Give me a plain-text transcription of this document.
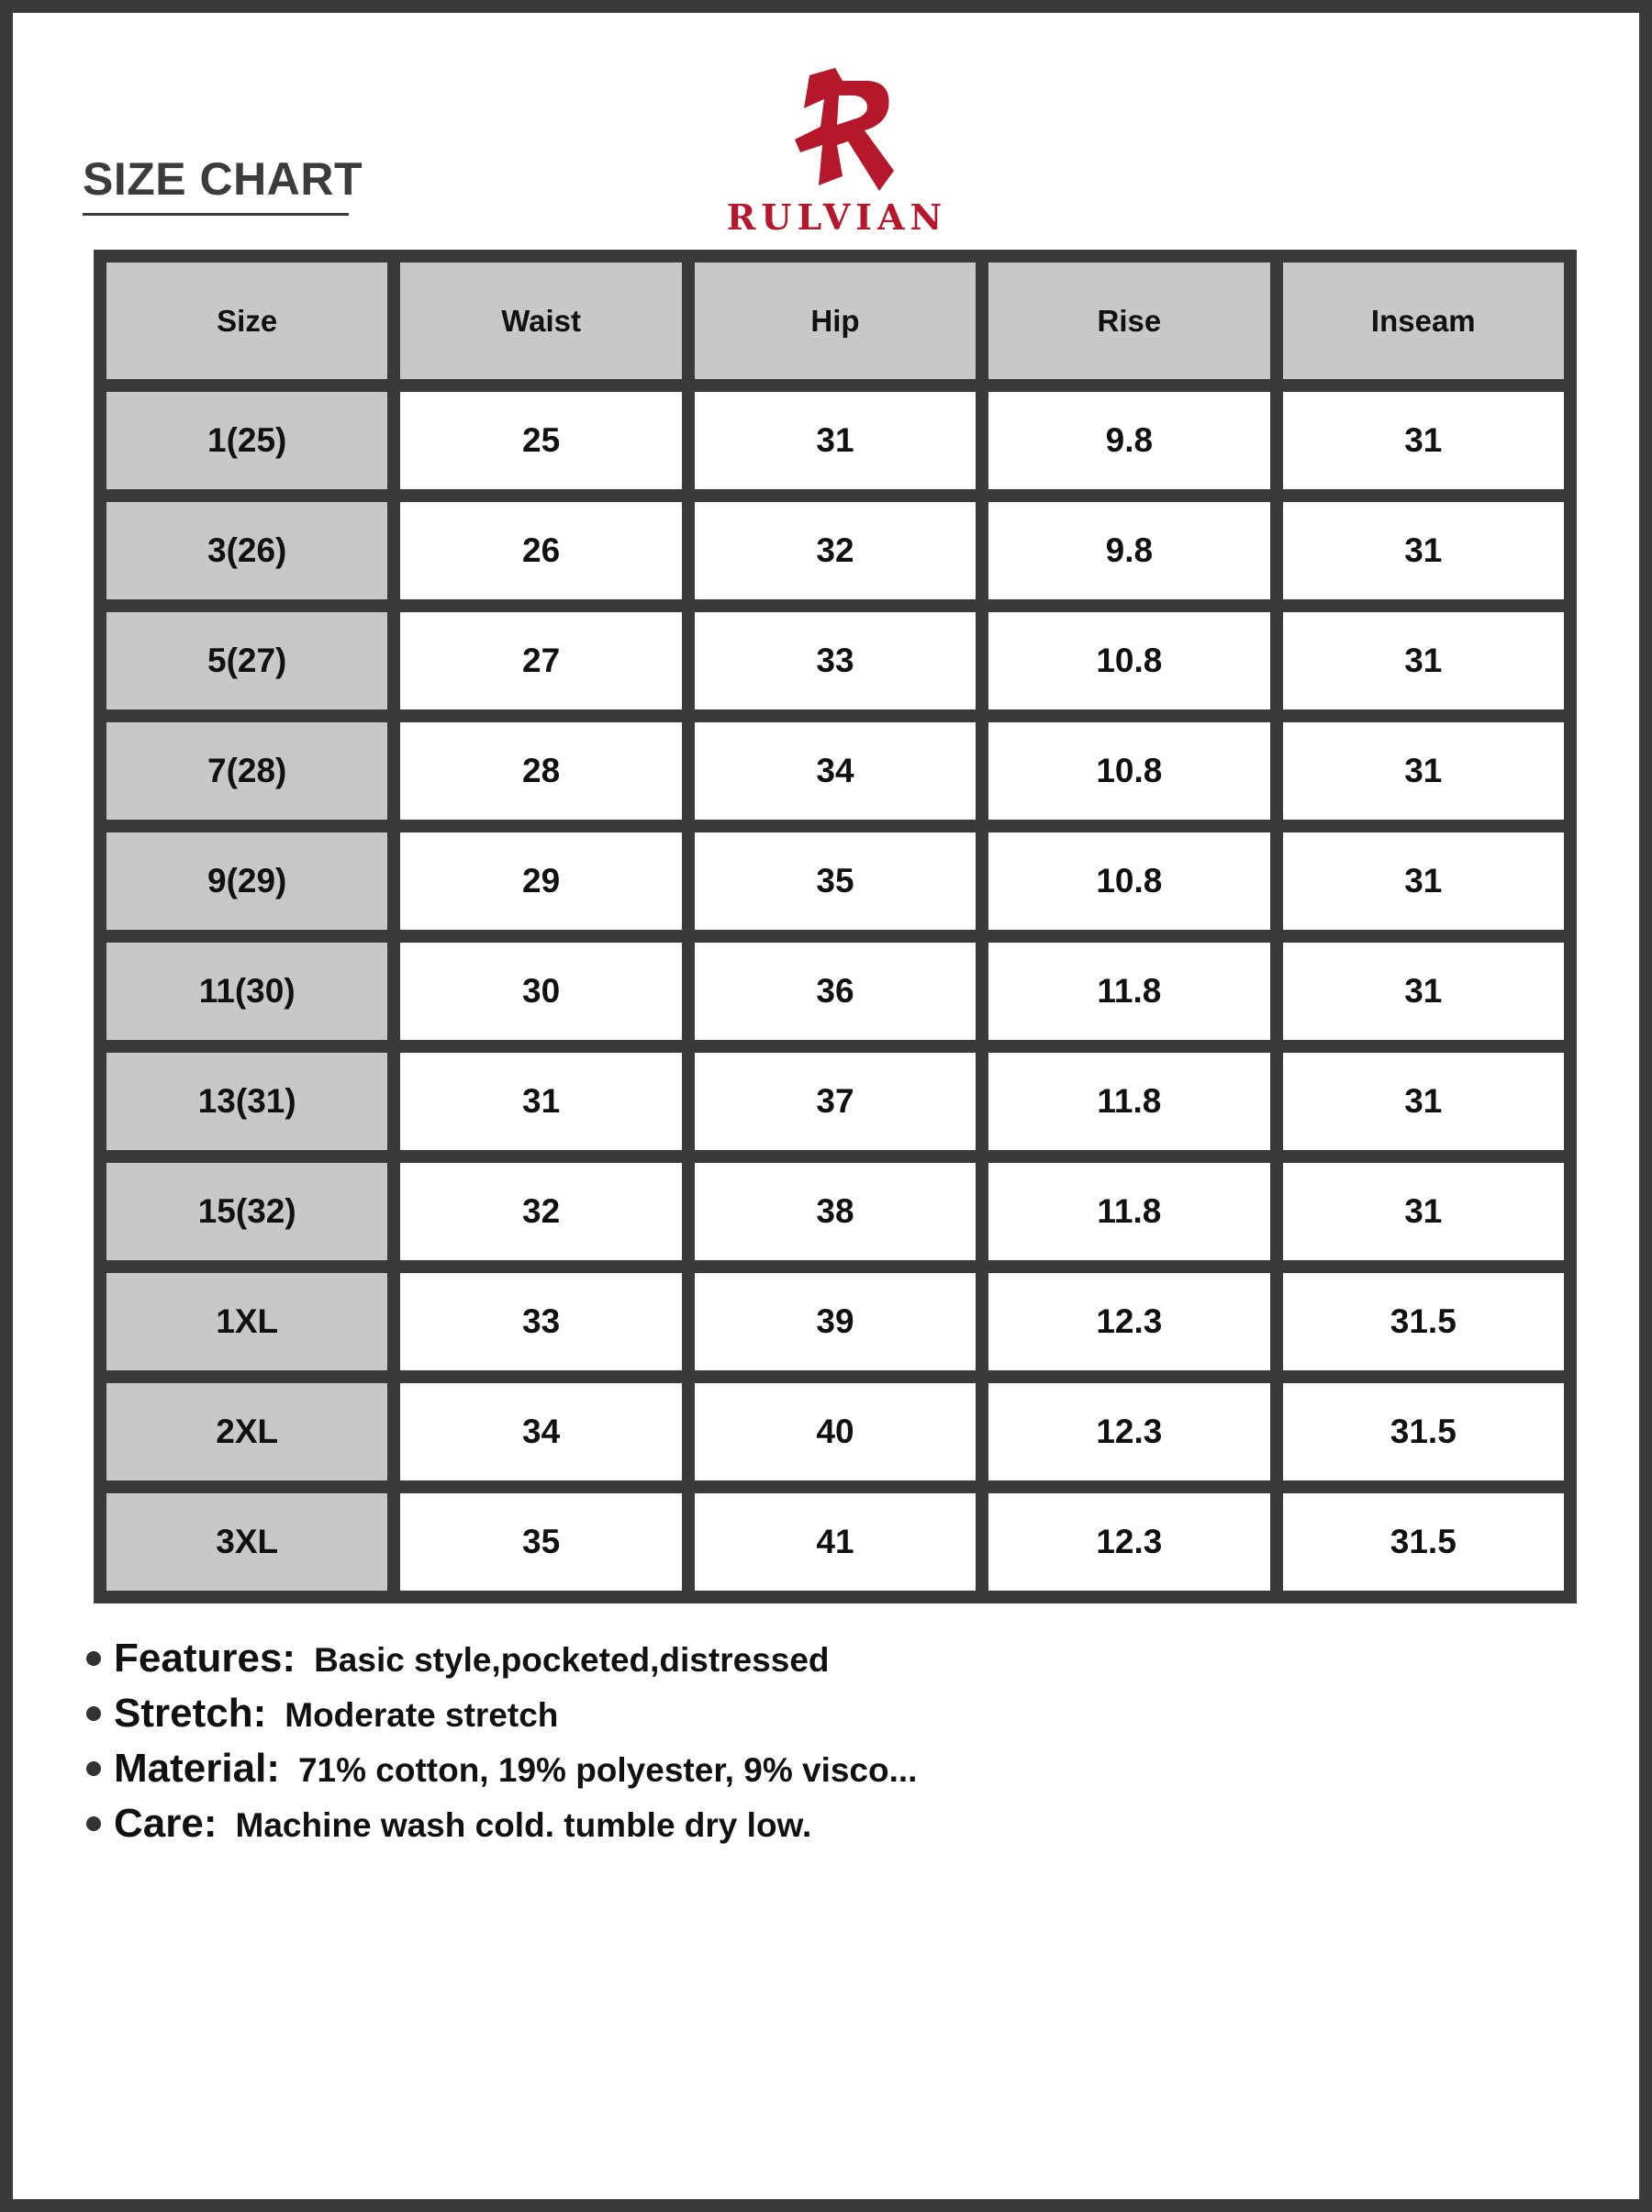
SIZE CHART
RULVIAN
Size	Waist	Hip	Rise	Inseam
1(25)	25	31	9.8	31
3(26)	26	32	9.8	31
5(27)	27	33	10.8	31
7(28)	28	34	10.8	31
9(29)	29	35	10.8	31
11(30)	30	36	11.8	31
13(31)	31	37	11.8	31
15(32)	32	38	11.8	31
1XL	33	39	12.3	31.5
2XL	34	40	12.3	31.5
3XL	35	41	12.3	31.5
Features: Basic style,pocketed,distressed
Stretch: Moderate stretch
Material: 71% cotton, 19% polyester, 9% visco...
Care: Machine wash cold. tumble dry low.
